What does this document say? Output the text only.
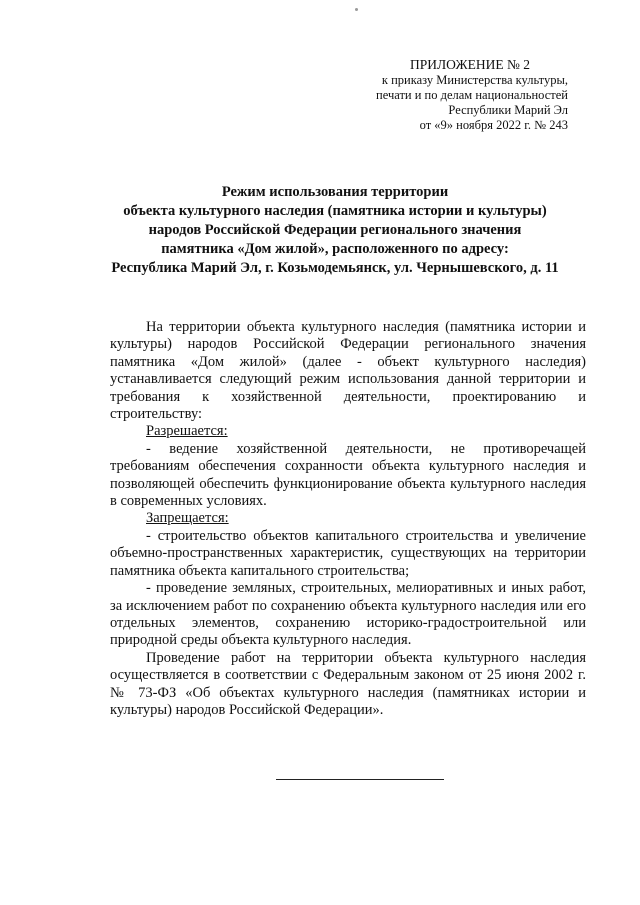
ПРИЛОЖЕНИЕ № 2
к приказу Министерства культуры,
печати и по делам национальностей
Республики Марий Эл
от «9» ноября 2022 г. № 243
Режим использования территории
объекта культурного наследия (памятника истории и культуры)
народов Российской Федерации регионального значения
памятника «Дом жилой», расположенного по адресу:
Республика Марий Эл, г. Козьмодемьянск, ул. Чернышевского, д. 11

На территории объекта культурного наследия (памятника истории и культуры) народов Российской Федерации регионального значения памятника «Дом жилой» (далее - объект культурного наследия) устанавливается следующий режим использования данной территории и требования к хозяйственной деятельности, проектированию и строительству:

Разрешается:

- ведение хозяйственной деятельности, не противоречащей требованиям обеспечения сохранности объекта культурного наследия и позволяющей обеспечить функционирование объекта культурного наследия в современных условиях.

Запрещается:

- строительство объектов капитального строительства и увеличение объемно-пространственных характеристик, существующих на территории памятника объекта капитального строительства;

- проведение земляных, строительных, мелиоративных и иных работ, за исключением работ по сохранению объекта культурного наследия или его отдельных элементов, сохранению историко-градостроительной или природной среды объекта культурного наследия.

Проведение работ на территории объекта культурного наследия осуществляется в соответствии с Федеральным законом от 25 июня 2002 г. № 73-ФЗ «Об объектах культурного наследия (памятниках истории и культуры) народов Российской Федерации».
